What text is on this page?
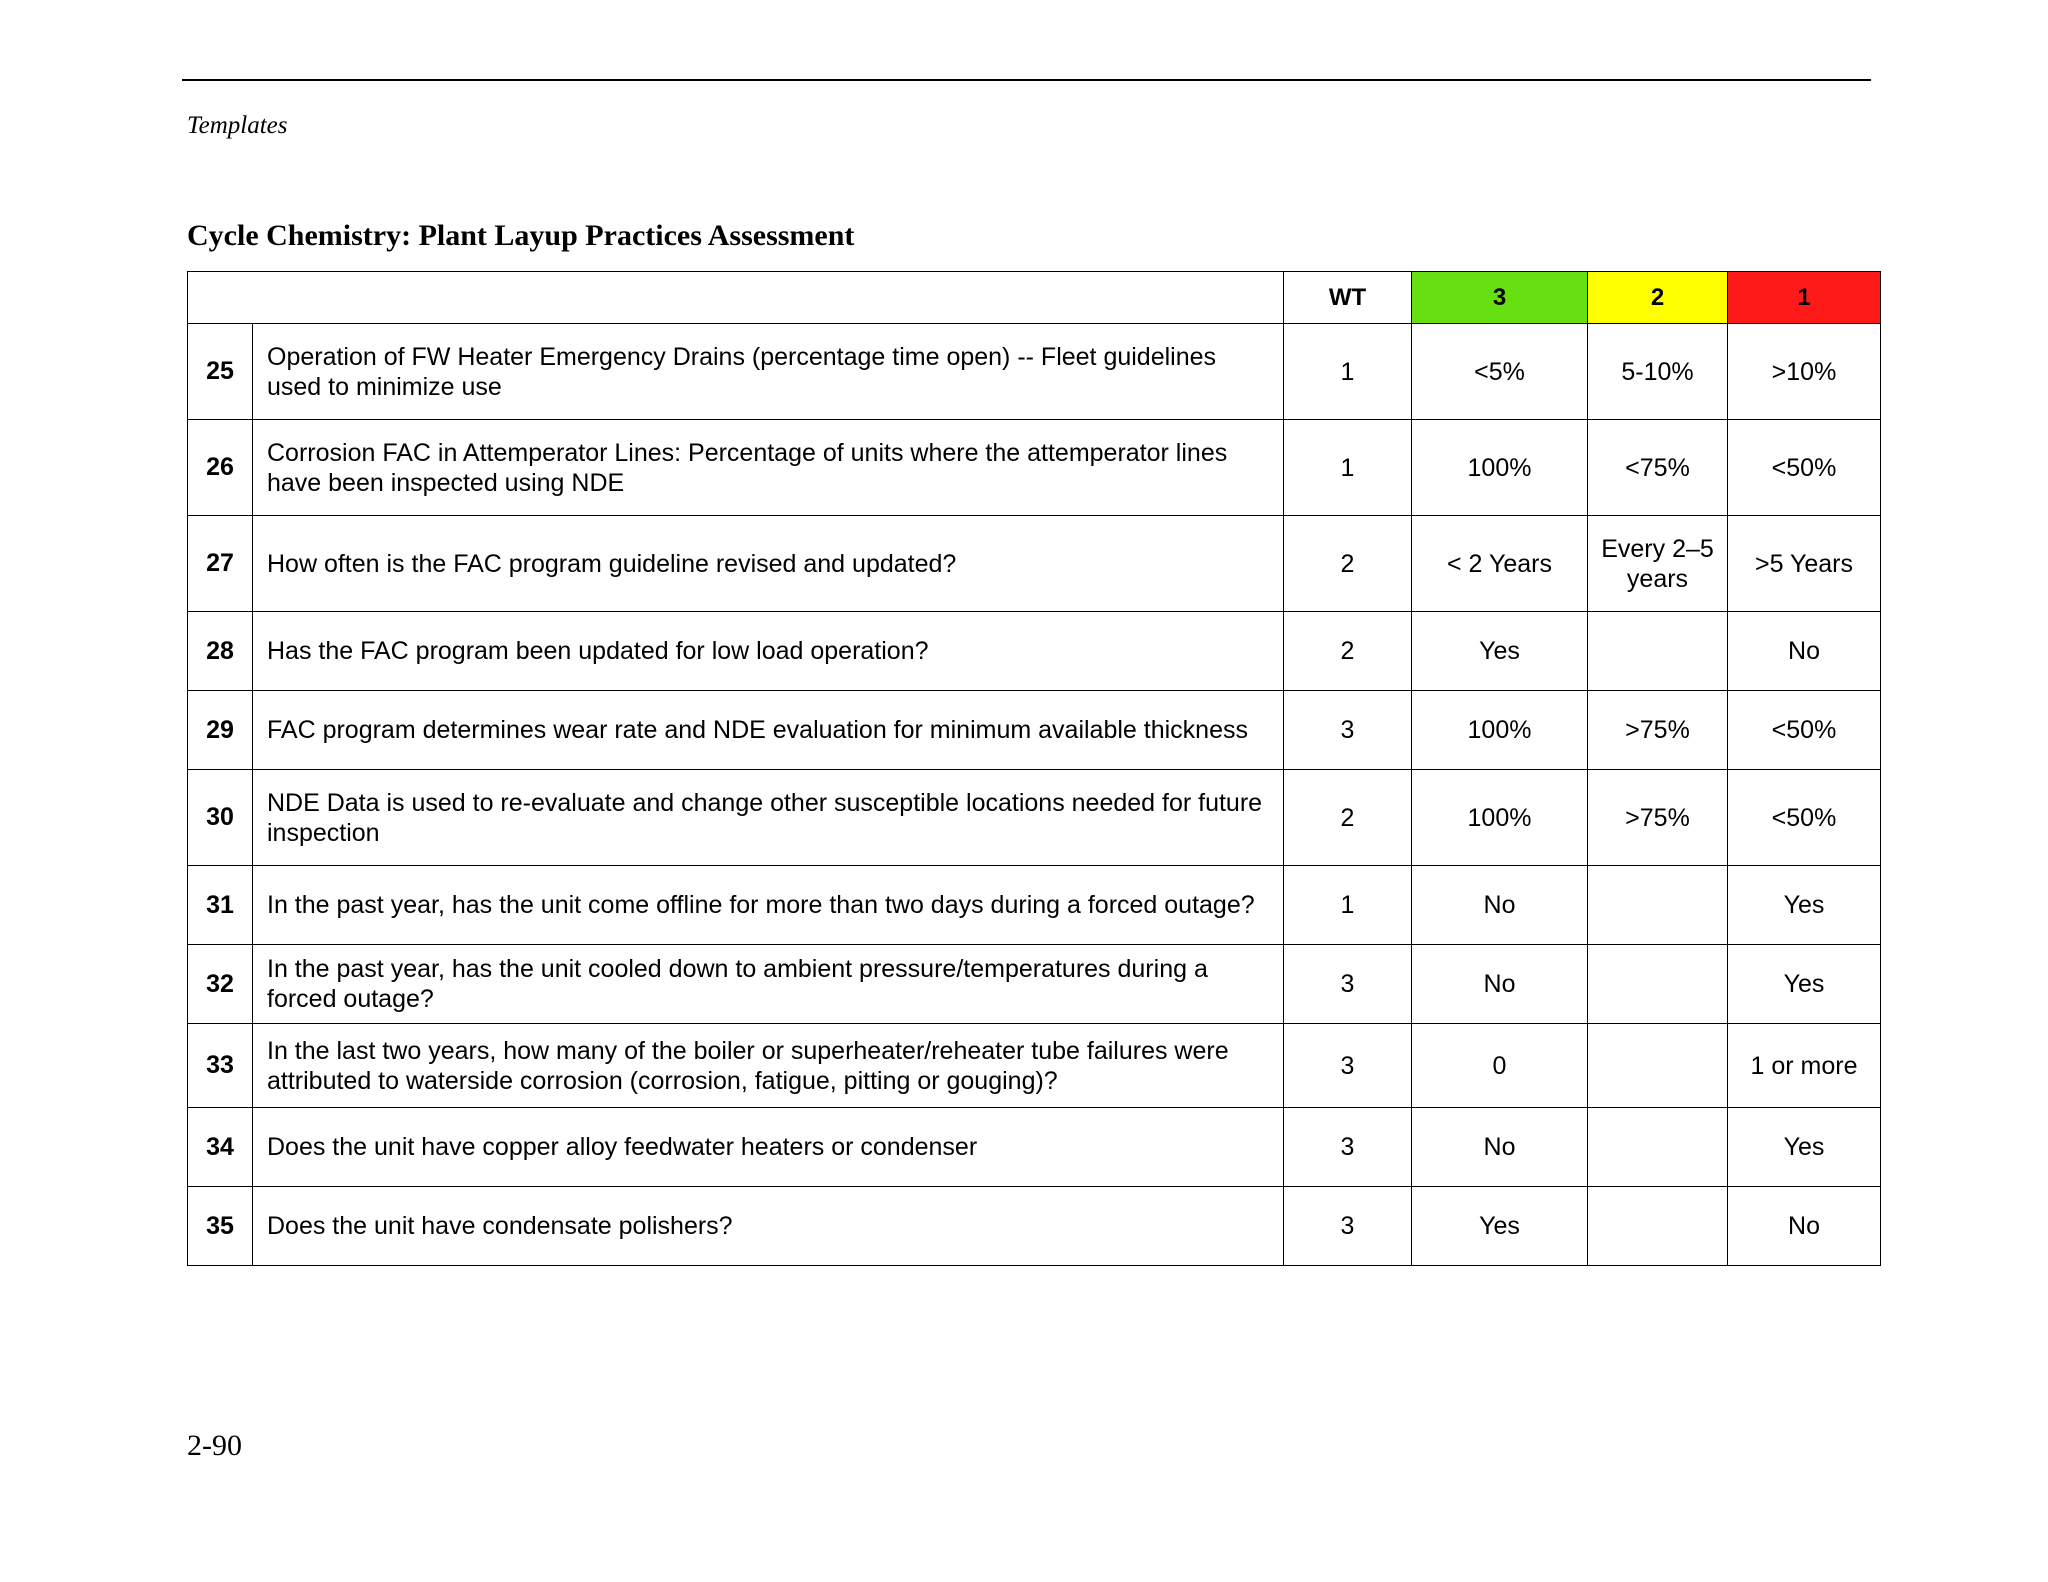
Templates
Cycle Chemistry: Plant Layup Practices Assessment
		WT	3	2	1
25	Operation of FW Heater Emergency Drains (percentage time open) -- Fleet guidelines used to minimize use	1	<5%	5-10%	>10%
26	Corrosion FAC in Attemperator Lines: Percentage of units where the attemperator lines have been inspected using NDE	1	100%	<75%	<50%
27	How often is the FAC program guideline revised and updated?	2	< 2 Years	Every 2–5 years	>5 Years
28	Has the FAC program been updated for low load operation?	2	Yes		No
29	FAC program determines wear rate and NDE evaluation for minimum available thickness	3	100%	>75%	<50%
30	NDE Data is used to re-evaluate and change other susceptible locations needed for future inspection	2	100%	>75%	<50%
31	In the past year, has the unit come offline for more than two days during a forced outage?	1	No		Yes
32	In the past year, has the unit cooled down to ambient pressure/temperatures during a forced outage?	3	No		Yes
33	In the last two years, how many of the boiler or superheater/reheater tube failures were attributed to waterside corrosion (corrosion, fatigue, pitting or gouging)?	3	0		1 or more
34	Does the unit have copper alloy feedwater heaters or condenser	3	No		Yes
35	Does the unit have condensate polishers?	3	Yes		No
2-90
